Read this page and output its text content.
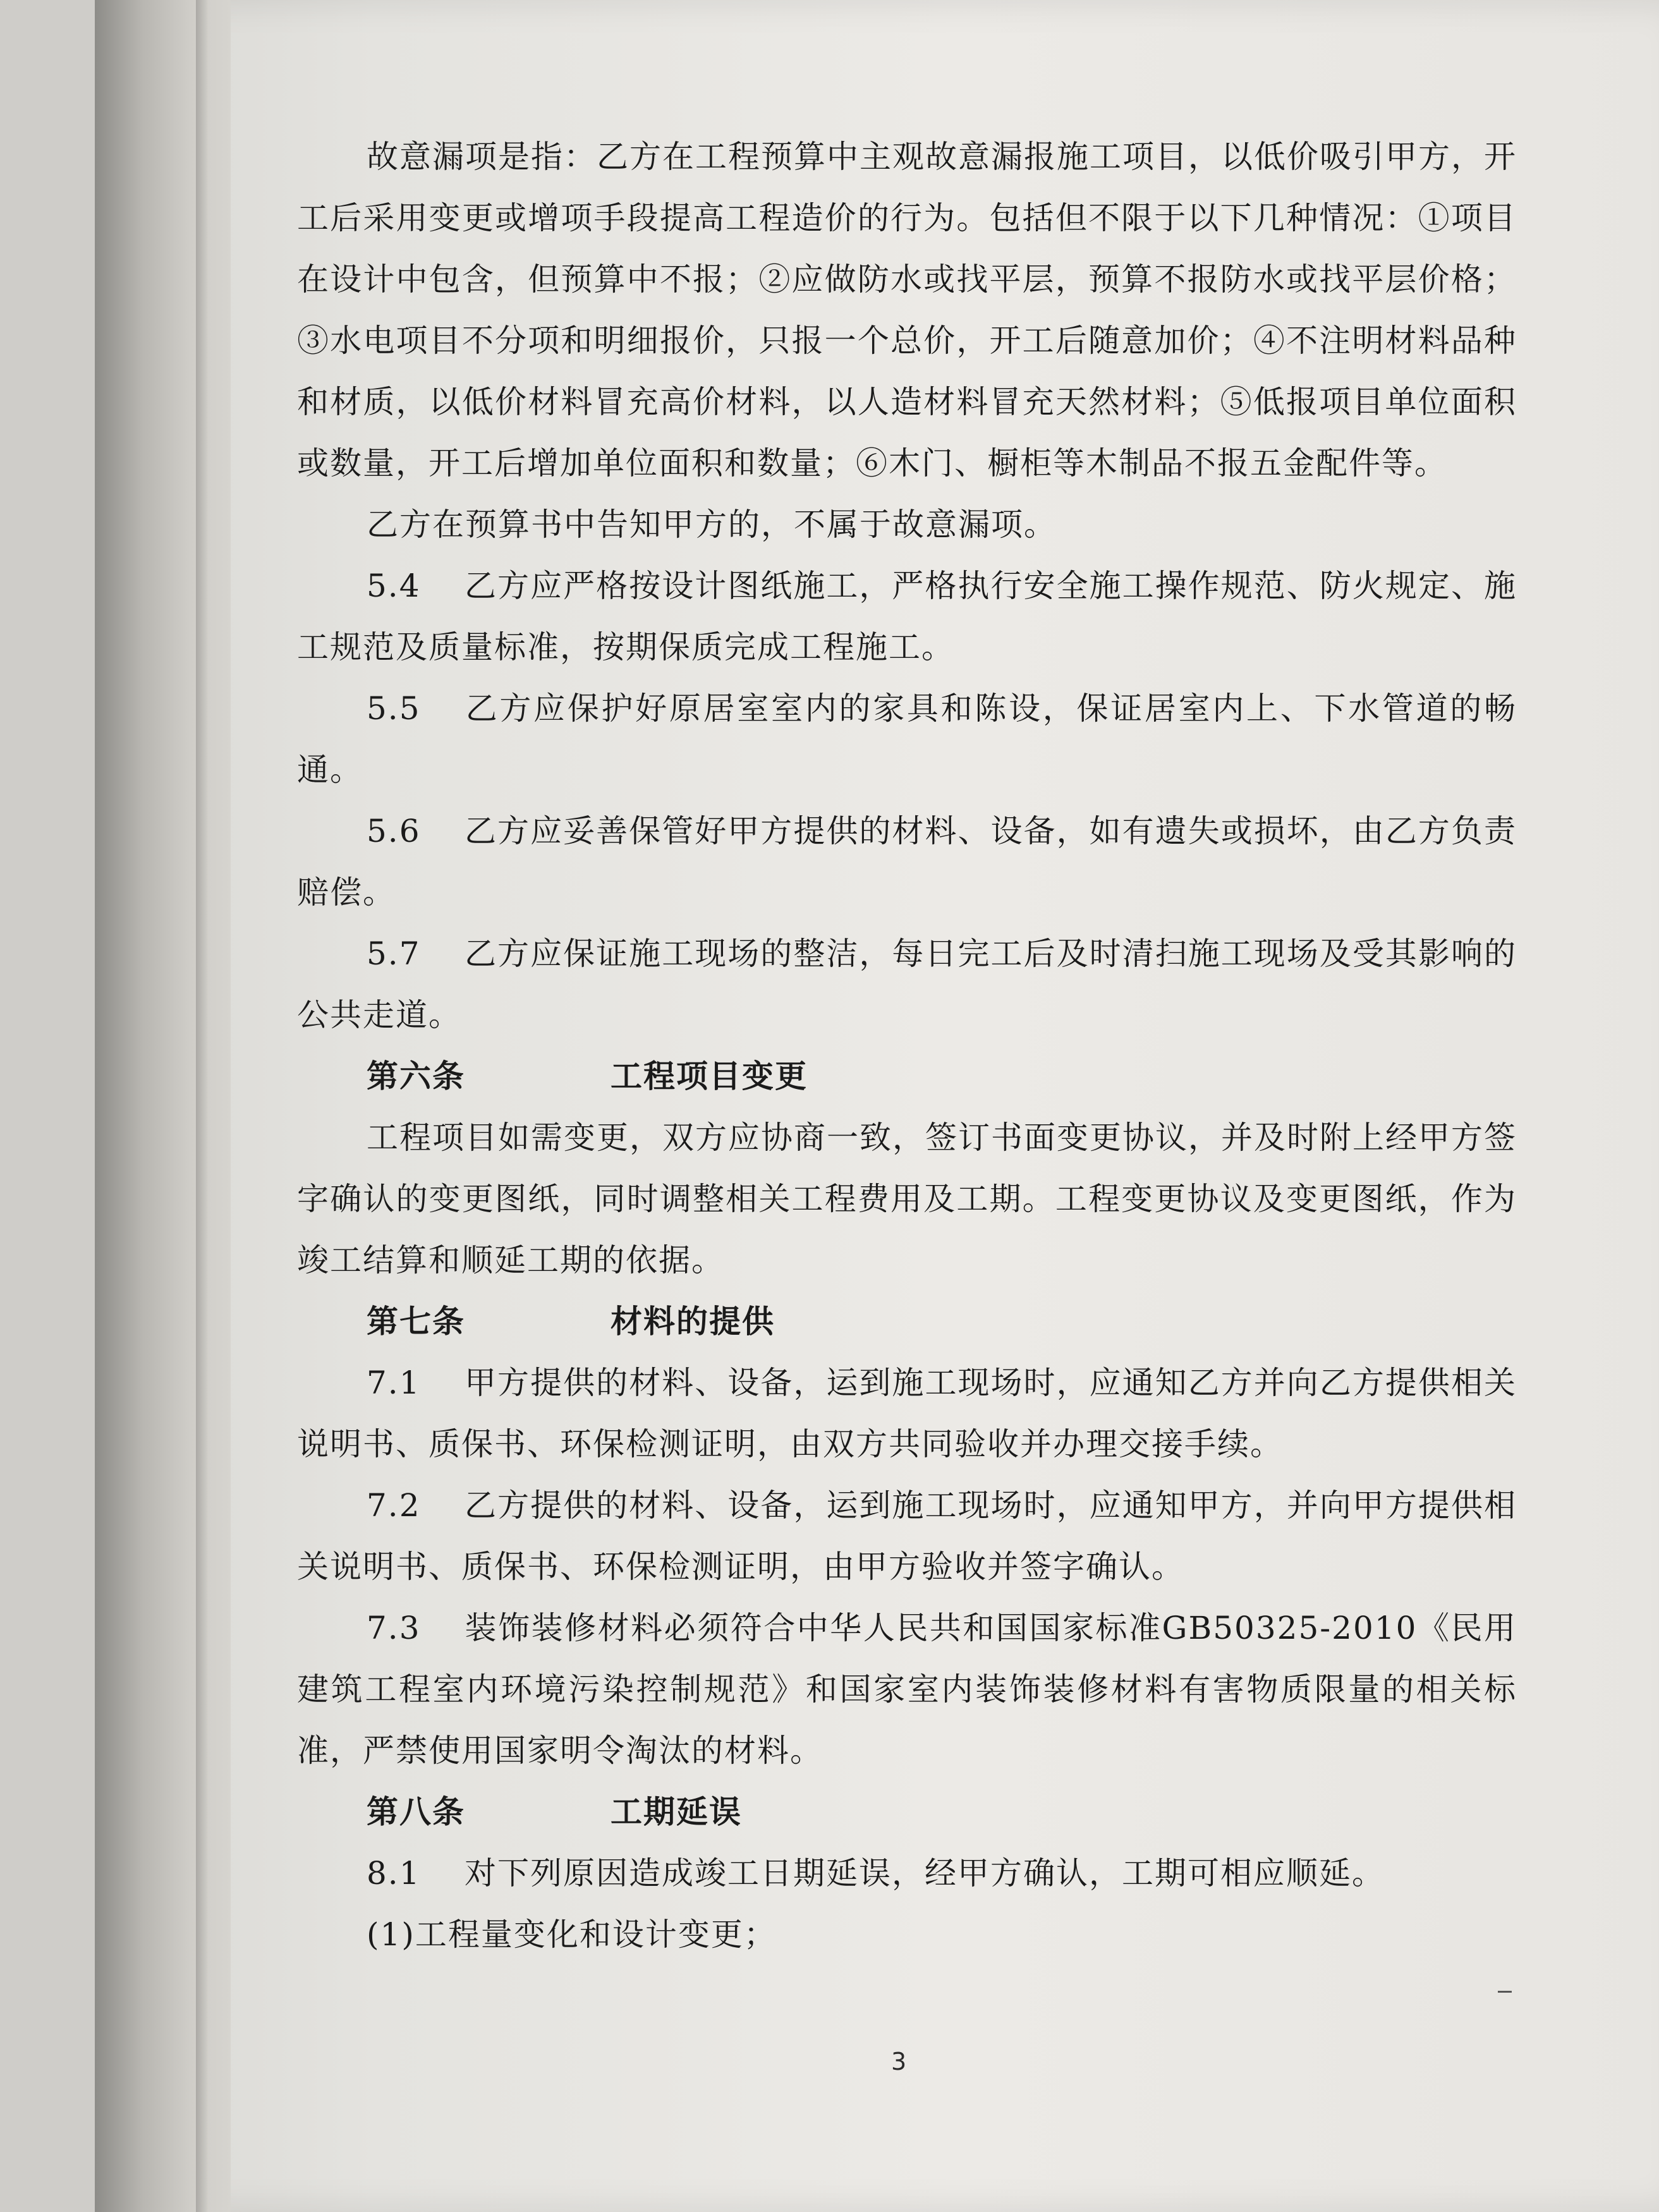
故意漏项是指：乙方在工程预算中主观故意漏报施工项目，以低价吸引甲方，开工后采用变更或增项手段提高工程造价的行为。包括但不限于以下几种情况：①项目在设计中包含，但预算中不报；②应做防水或找平层，预算不报防水或找平层价格；③水电项目不分项和明细报价，只报一个总价，开工后随意加价；④不注明材料品种和材质，以低价材料冒充高价材料，以人造材料冒充天然材料；⑤低报项目单位面积或数量，开工后增加单位面积和数量；⑥木门、橱柜等木制品不报五金配件等。

乙方在预算书中告知甲方的，不属于故意漏项。

5.4 乙方应严格按设计图纸施工，严格执行安全施工操作规范、防火规定、施工规范及质量标准，按期保质完成工程施工。

5.5 乙方应保护好原居室室内的家具和陈设，保证居室内上、下水管道的畅通。

5.6 乙方应妥善保管好甲方提供的材料、设备，如有遗失或损坏，由乙方负责赔偿。

5.7 乙方应保证施工现场的整洁，每日完工后及时清扫施工现场及受其影响的公共走道。

第六条	工程项目变更

工程项目如需变更，双方应协商一致，签订书面变更协议，并及时附上经甲方签字确认的变更图纸，同时调整相关工程费用及工期。工程变更协议及变更图纸，作为竣工结算和顺延工期的依据。

第七条	材料的提供

7.1 甲方提供的材料、设备，运到施工现场时，应通知乙方并向乙方提供相关说明书、质保书、环保检测证明，由双方共同验收并办理交接手续。

7.2 乙方提供的材料、设备，运到施工现场时，应通知甲方，并向甲方提供相关说明书、质保书、环保检测证明，由甲方验收并签字确认。

7.3 装饰装修材料必须符合中华人民共和国国家标准GB50325-2010《民用建筑工程室内环境污染控制规范》和国家室内装饰装修材料有害物质限量的相关标准，严禁使用国家明令淘汰的材料。

第八条	工期延误

8.1 对下列原因造成竣工日期延误，经甲方确认，工期可相应顺延。

(1)工程量变化和设计变更；

3
